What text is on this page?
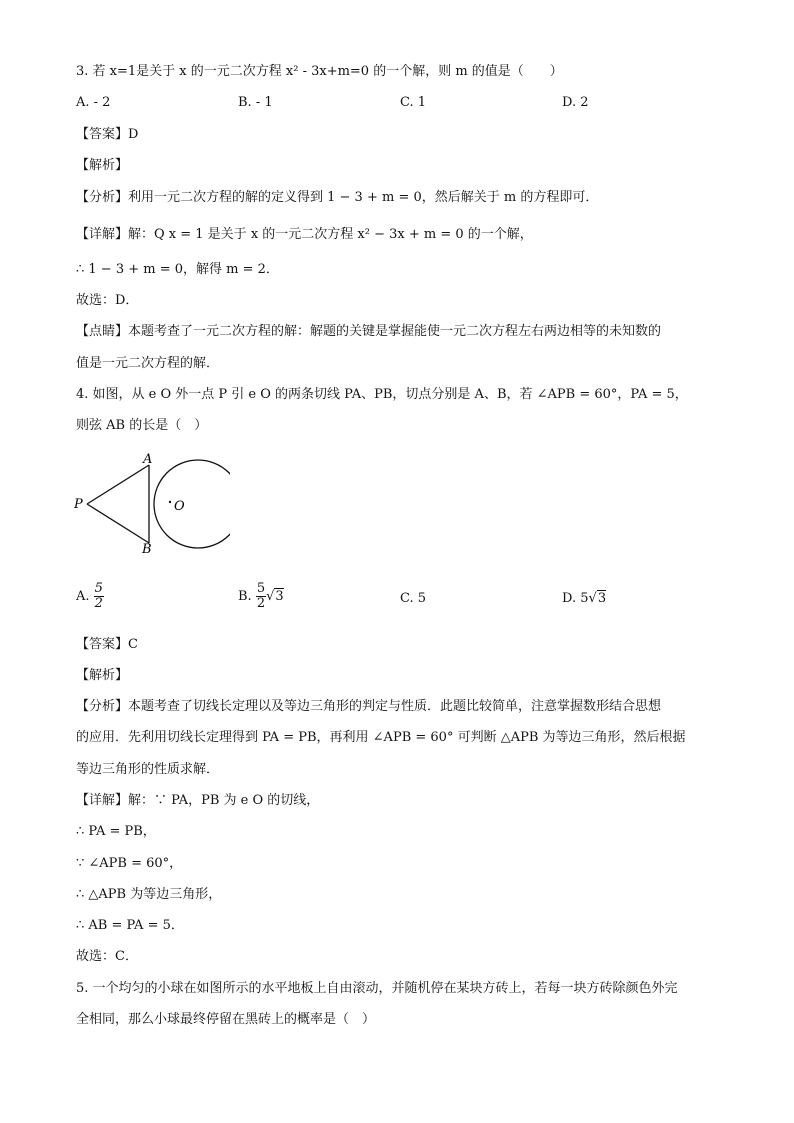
3. 若 x=1是关于 x 的一元二次方程 x² ‑ 3x+m=0 的一个解，则 m 的值是（　　）
A. ‑ 2	B. ‑ 1	C. 1	D. 2
【答案】D
【解析】
【分析】利用一元二次方程的解的定义得到 1 − 3 + m = 0，然后解关于 m 的方程即可．
【详解】解：Q x = 1 是关于 x 的一元二次方程 x² − 3x + m = 0 的一个解，
∴ 1 − 3 + m = 0，解得 m = 2．
故选：D．
【点睛】本题考查了一元二次方程的解：解题的关键是掌握能使一元二次方程左右两边相等的未知数的
值是一元二次方程的解．
4. 如图，从 e O 外一点 P 引 e O 的两条切线 PA、PB，切点分别是 A、B，若 ∠APB = 60°，PA = 5，
则弦 AB 的长是（　）
A
B
P	O
A. $\frac{5}{2}$	B. $\frac{5}{2} √3$	C. 5	D. 5√3
【答案】C
【解析】
【分析】本题考查了切线长定理以及等边三角形的判定与性质．此题比较简单，注意掌握数形结合思想
的应用．先利用切线长定理得到 PA = PB，再利用 ∠APB = 60° 可判断 △APB 为等边三角形，然后根据
等边三角形的性质求解．
【详解】解：∵ PA，PB 为 e O 的切线，
∴ PA = PB，
∵ ∠APB = 60°，
∴ △APB 为等边三角形，
∴ AB = PA = 5．
故选：C．
5. 一个均匀的小球在如图所示的水平地板上自由滚动，并随机停在某块方砖上，若每一块方砖除颜色外完
全相同，那么小球最终停留在黑砖上的概率是（　）
